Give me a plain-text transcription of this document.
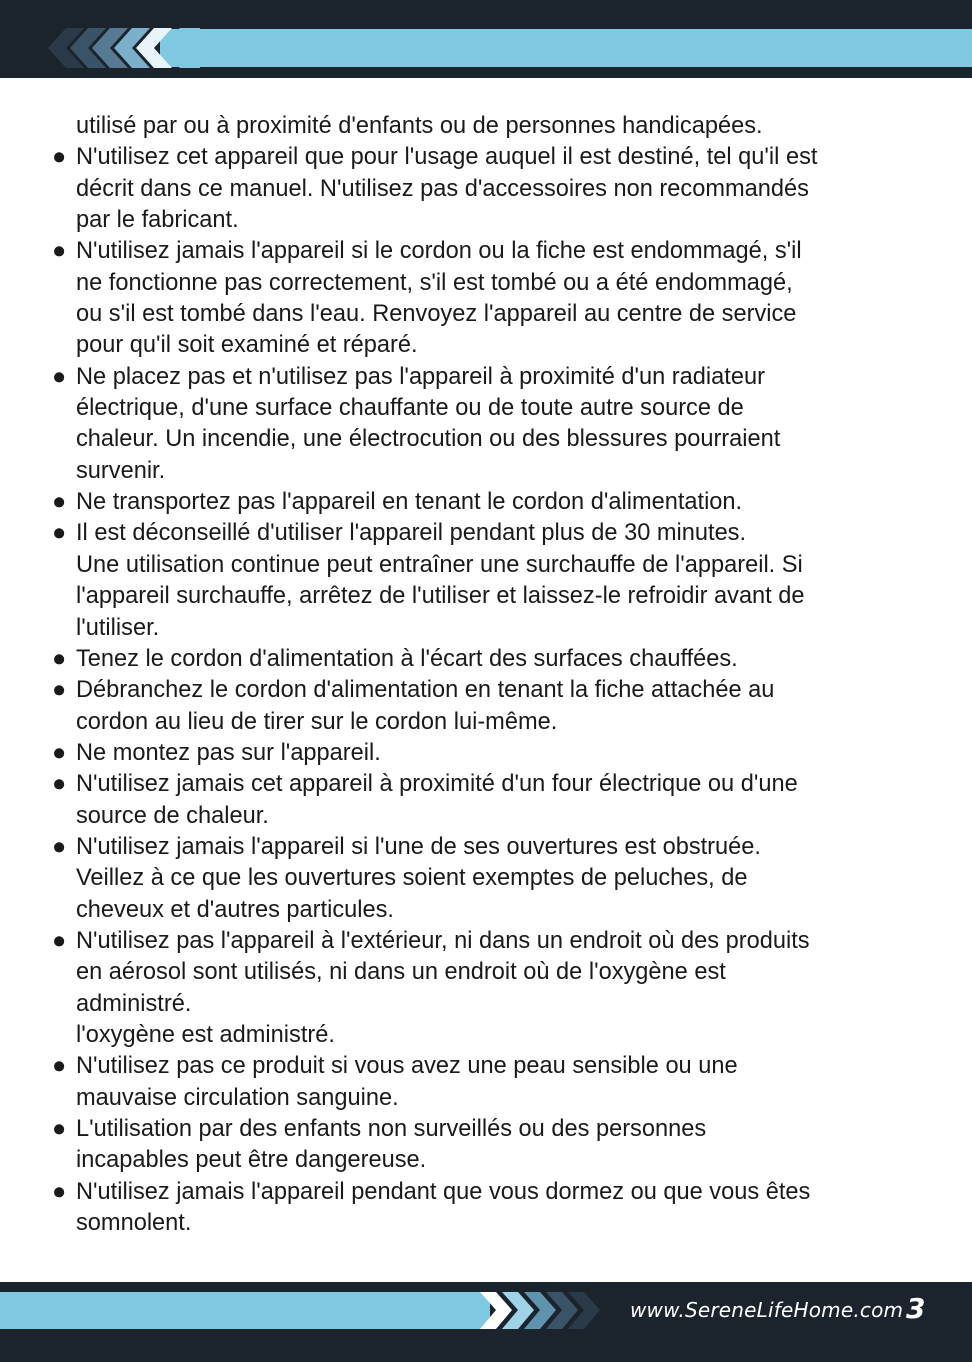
utilisé par ou à proximité d'enfants ou de personnes handicapées.
● N'utilisez cet appareil que pour l'usage auquel il est destiné, tel qu'il est
décrit dans ce manuel. N'utilisez pas d'accessoires non recommandés
par le fabricant.
● N'utilisez jamais l'appareil si le cordon ou la fiche est endommagé, s'il
ne fonctionne pas correctement, s'il est tombé ou a été endommagé,
ou s'il est tombé dans l'eau. Renvoyez l'appareil au centre de service
pour qu'il soit examiné et réparé.
● Ne placez pas et n'utilisez pas l'appareil à proximité d'un radiateur
électrique, d'une surface chauffante ou de toute autre source de
chaleur. Un incendie, une électrocution ou des blessures pourraient
survenir.
● Ne transportez pas l'appareil en tenant le cordon d'alimentation.
● Il est déconseillé d'utiliser l'appareil pendant plus de 30 minutes.
Une utilisation continue peut entraîner une surchauffe de l'appareil. Si
l'appareil surchauffe, arrêtez de l'utiliser et laissez-le refroidir avant de
l'utiliser.
● Tenez le cordon d'alimentation à l'écart des surfaces chauffées.
● Débranchez le cordon d'alimentation en tenant la fiche attachée au
cordon au lieu de tirer sur le cordon lui-même.
● Ne montez pas sur l'appareil.
● N'utilisez jamais cet appareil à proximité d'un four électrique ou d'une
source de chaleur.
● N'utilisez jamais l'appareil si l'une de ses ouvertures est obstruée.
Veillez à ce que les ouvertures soient exemptes de peluches, de
cheveux et d'autres particules.
● N'utilisez pas l'appareil à l'extérieur, ni dans un endroit où des produits
en aérosol sont utilisés, ni dans un endroit où de l'oxygène est
administré.
l'oxygène est administré.
● N'utilisez pas ce produit si vous avez une peau sensible ou une
mauvaise circulation sanguine.
● L'utilisation par des enfants non surveillés ou des personnes
incapables peut être dangereuse.
● N'utilisez jamais l'appareil pendant que vous dormez ou que vous êtes
somnolent.
www.SereneLifeHome.com 3
